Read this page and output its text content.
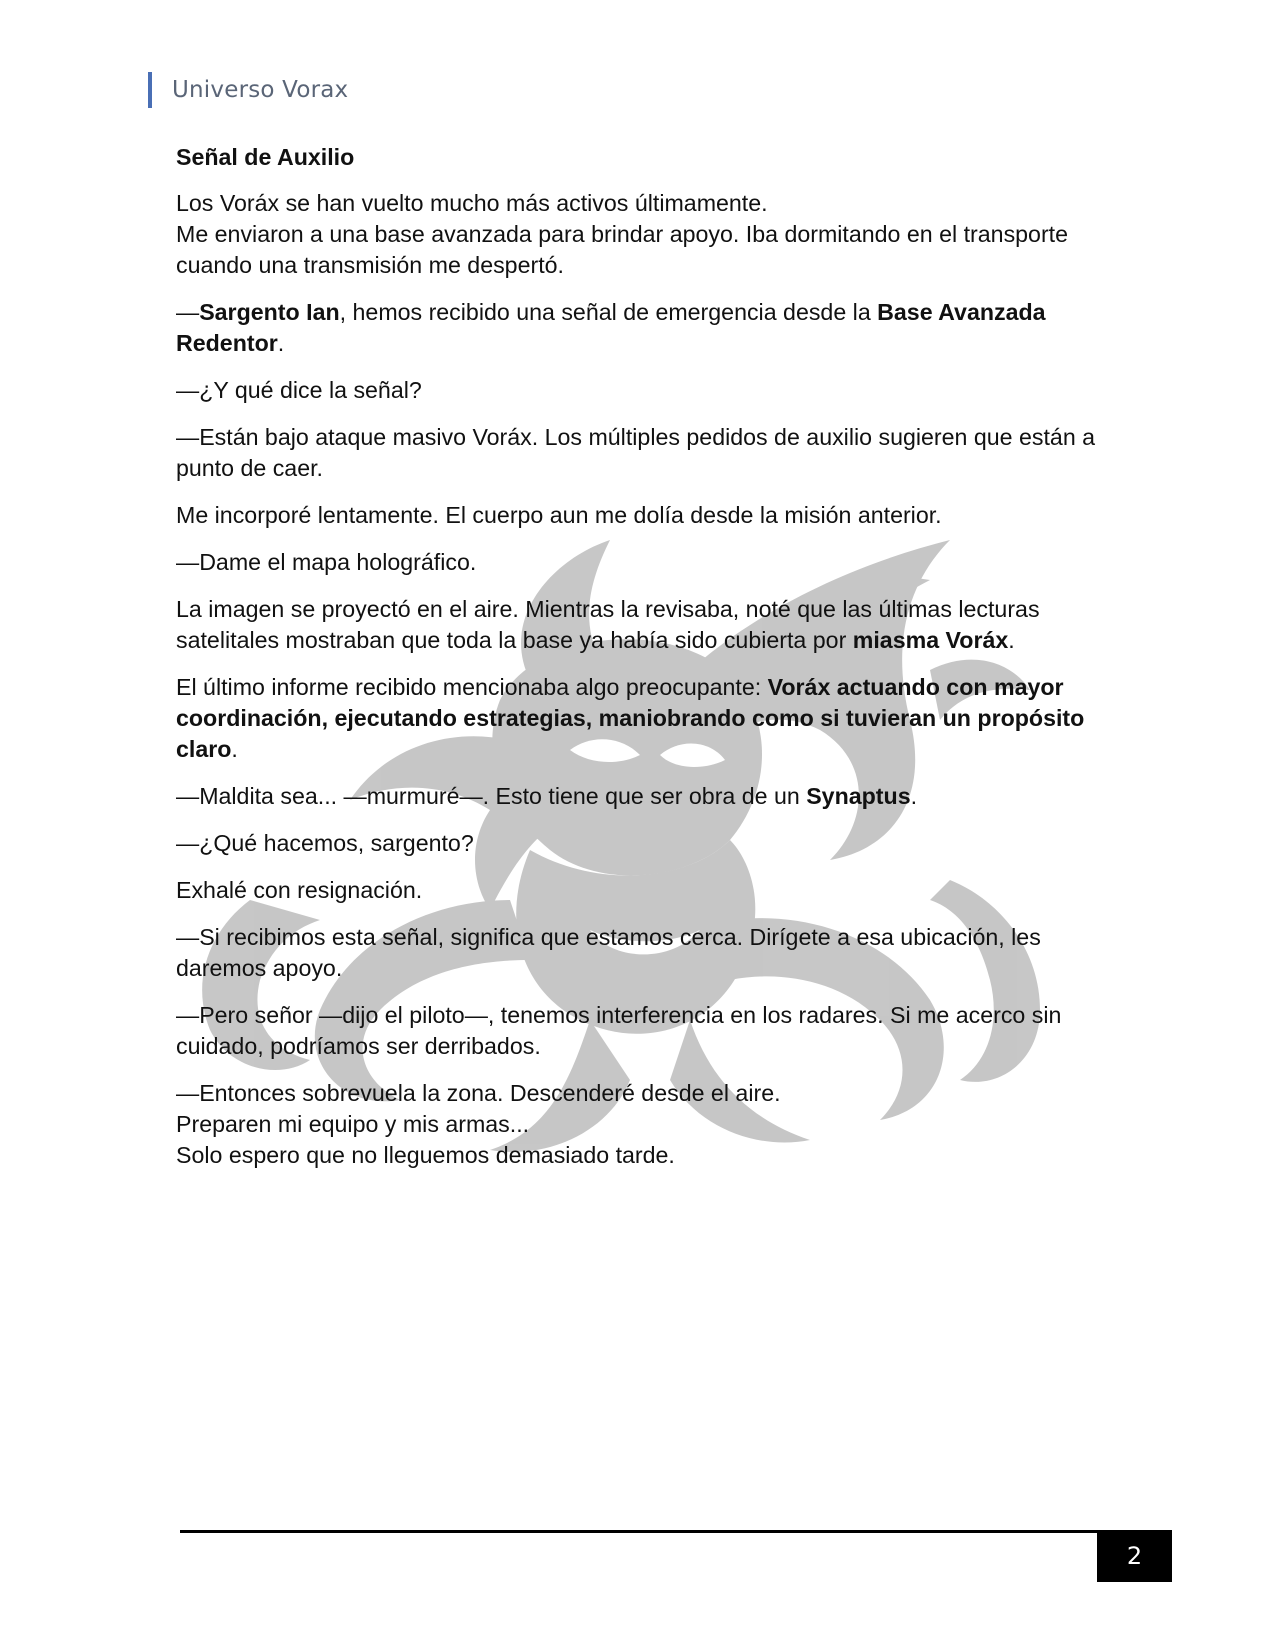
Universo Vorax

Señal de Auxilio

Los Voráx se han vuelto mucho más activos últimamente.
Me enviaron a una base avanzada para brindar apoyo. Iba dormitando en el transporte cuando una transmisión me despertó.

—Sargento Ian, hemos recibido una señal de emergencia desde la Base Avanzada Redentor.

—¿Y qué dice la señal?

—Están bajo ataque masivo Voráx. Los múltiples pedidos de auxilio sugieren que están a punto de caer.

Me incorporé lentamente. El cuerpo aun me dolía desde la misión anterior.

—Dame el mapa holográfico.

La imagen se proyectó en el aire. Mientras la revisaba, noté que las últimas lecturas satelitales mostraban que toda la base ya había sido cubierta por miasma Voráx.

El último informe recibido mencionaba algo preocupante: Voráx actuando con mayor coordinación, ejecutando estrategias, maniobrando como si tuvieran un propósito claro.

—Maldita sea... —murmuré—. Esto tiene que ser obra de un Synaptus.

—¿Qué hacemos, sargento?

Exhalé con resignación.

—Si recibimos esta señal, significa que estamos cerca. Dirígete a esa ubicación, les daremos apoyo.

—Pero señor —dijo el piloto—, tenemos interferencia en los radares. Si me acerco sin cuidado, podríamos ser derribados.

—Entonces sobrevuela la zona. Descenderé desde el aire.
Preparen mi equipo y mis armas...
Solo espero que no lleguemos demasiado tarde.

2
